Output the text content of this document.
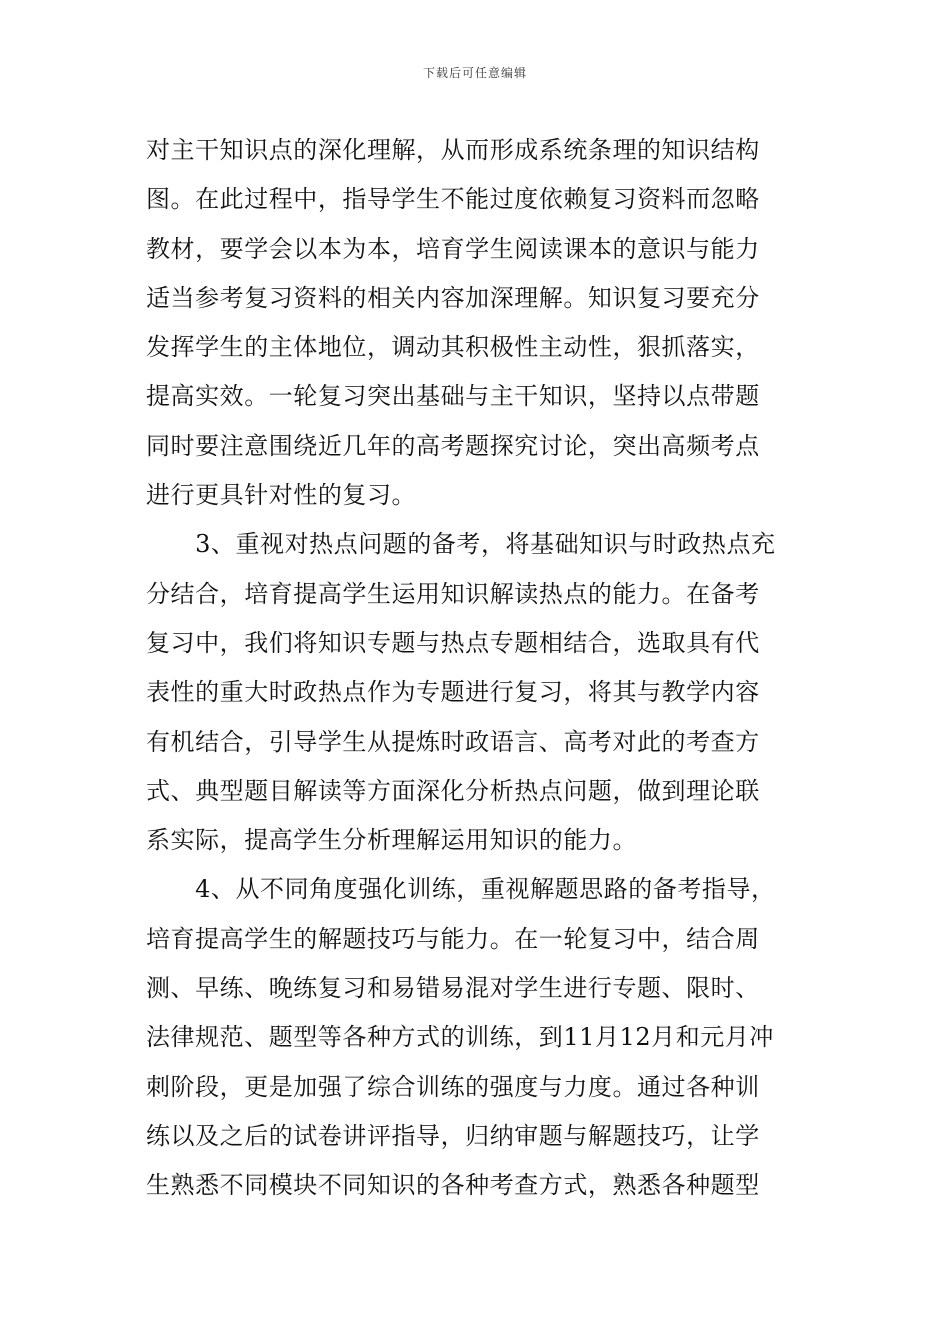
下载后可任意编辑
对主干知识点的深化理解，从而形成系统条理的知识结构
图。在此过程中，指导学生不能过度依赖复习资料而忽略
教材，要学会以本为本，培育学生阅读课本的意识与能力
适当参考复习资料的相关内容加深理解。知识复习要充分
发挥学生的主体地位，调动其积极性主动性，狠抓落实，
提高实效。一轮复习突出基础与主干知识，坚持以点带题
同时要注意围绕近几年的高考题探究讨论，突出高频考点
进行更具针对性的复习。
　　3、重视对热点问题的备考，将基础知识与时政热点充
分结合，培育提高学生运用知识解读热点的能力。在备考
复习中，我们将知识专题与热点专题相结合，选取具有代
表性的重大时政热点作为专题进行复习，将其与教学内容
有机结合，引导学生从提炼时政语言、高考对此的考查方
式、典型题目解读等方面深化分析热点问题，做到理论联
系实际，提高学生分析理解运用知识的能力。
　　4、从不同角度强化训练，重视解题思路的备考指导，
培育提高学生的解题技巧与能力。在一轮复习中，结合周
测、早练、晚练复习和易错易混对学生进行专题、限时、
法律规范、题型等各种方式的训练，到11月12月和元月冲
刺阶段，更是加强了综合训练的强度与力度。通过各种训
练以及之后的试卷讲评指导，归纳审题与解题技巧，让学
生熟悉不同模块不同知识的各种考查方式，熟悉各种题型
